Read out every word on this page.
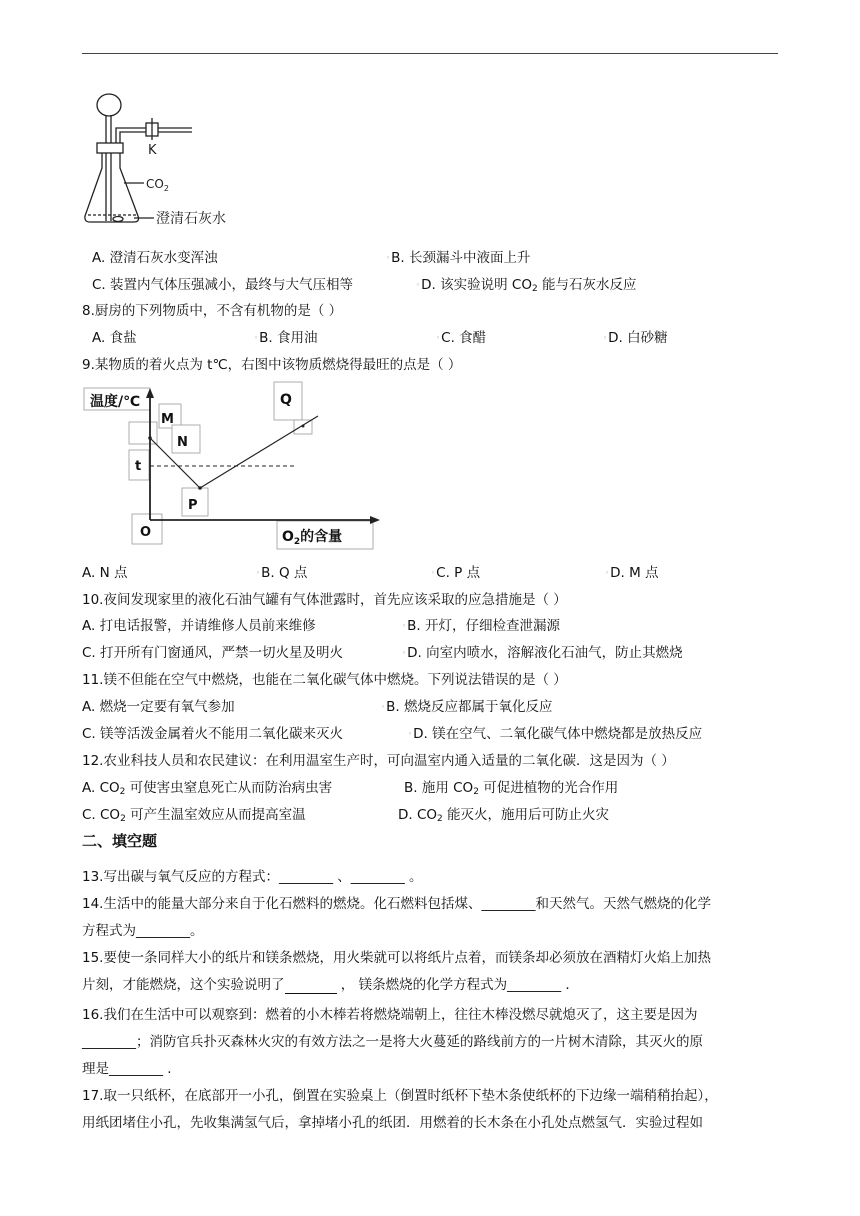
K
$CO_2$
澄清石灰水
A. 澄清石灰水变浑浊	◦B. 长颈漏斗中液面上升
C. 装置内气体压强减小，最终与大气压相等	◦D. 该实验说明 $CO_2$ 能与石灰水反应
8.厨房的下列物质中，不含有机物的是（ ）
A. 食盐	◦B. 食用油	◦C. 食醋	◦D. 白砂糖
9.某物质的着火点为 t℃，右图中该物质燃烧得最旺的点是（ ）
温度/℃
M
N
t
P
O
Q
$O_2$的含量
A. N 点	◦B. Q 点	◦C. P 点	◦D. M 点
10.夜间发现家里的液化石油气罐有气体泄露时，首先应该采取的应急措施是（ ）
A. 打电话报警，并请维修人员前来维修	◦B. 开灯，仔细检查泄漏源
C. 打开所有门窗通风，严禁一切火星及明火	◦D. 向室内喷水，溶解液化石油气，防止其燃烧
11.镁不但能在空气中燃烧，也能在二氧化碳气体中燃烧。下列说法错误的是（ ）
A. 燃烧一定要有氧气参加	◦B. 燃烧反应都属于氧化反应
C. 镁等活泼金属着火不能用二氧化碳来灭火	◦D. 镁在空气、二氧化碳气体中燃烧都是放热反应
12.农业科技人员和农民建议：在利用温室生产时，可向温室内通入适量的二氧化碳．这是因为（ ）
A. $CO_2$ 可使害虫窒息死亡从而防治病虫害	B. 施用 $CO_2$ 可促进植物的光合作用
C. $CO_2$ 可产生温室效应从而提高室温	D. $CO_2$ 能灭火，施用后可防止火灾
二、填空题
13.写出碳与氧气反应的方程式：________ 、________ 。
14.生活中的能量大部分来自于化石燃料的燃烧。化石燃料包括煤、________和天然气。天然气燃烧的化学
方程式为________。
15.要使一条同样大小的纸片和镁条燃烧，用火柴就可以将纸片点着，而镁条却必须放在酒精灯火焰上加热
片刻，才能燃烧，这个实验说明了	， 镁条燃烧的化学方程式为________ .
16.我们在生活中可以观察到：燃着的小木棒若将燃烧端朝上，往往木棒没燃尽就熄灭了，这主要是因为
________；消防官兵扑灭森林火灾的有效方法之一是将大火蔓延的路线前方的一片树木清除，其灭火的原
理是________ .
17.取一只纸杯，在底部开一小孔，倒置在实验桌上（倒置时纸杯下垫木条使纸杯的下边缘一端稍稍抬起），
用纸团堵住小孔，先收集满氢气后，拿掉堵小孔的纸团．用燃着的长木条在小孔处点燃氢气．实验过程如
